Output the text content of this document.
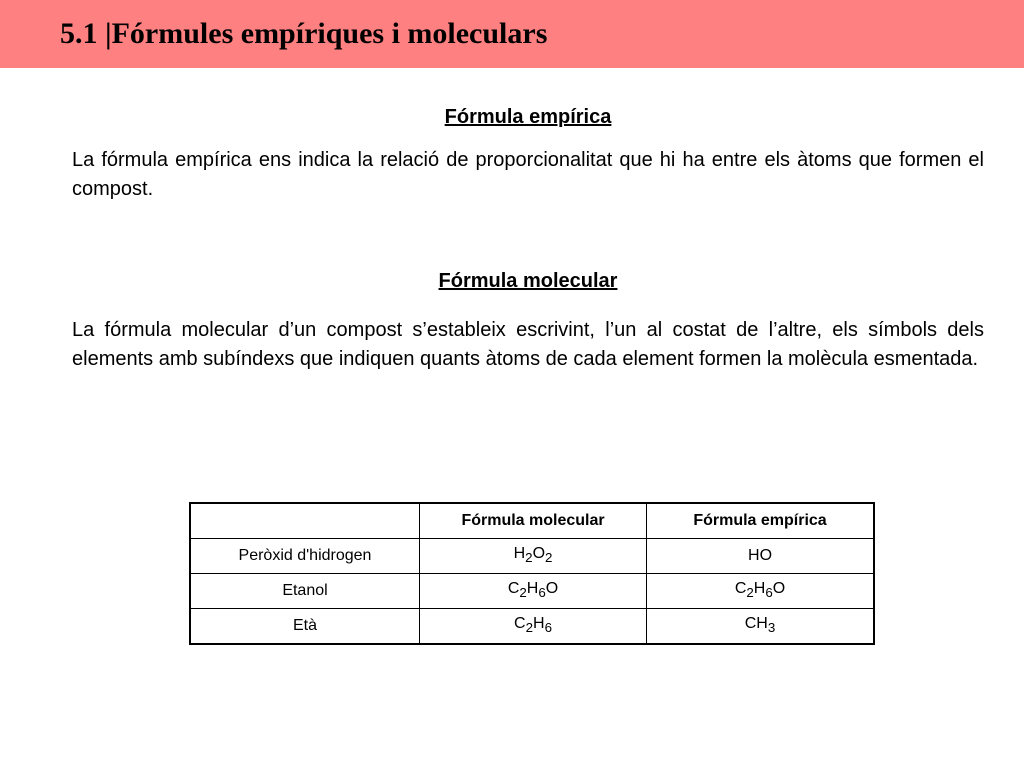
5.1 |Fórmules empíriques i moleculars
Fórmula empírica

La fórmula empírica ens indica la relació de proporcionalitat que hi ha entre els àtoms que formen el compost.

Fórmula molecular

La fórmula molecular d’un compost s’estableix escrivint, l’un al costat de l’altre, els símbols dels elements amb subíndexs que indiquen quants àtoms de cada element formen la molècula esmentada.

	Fórmula molecular	Fórmula empírica
Peròxid d'hidrogen	$H_2O_2$	HO
Etanol	$C_2H_6O$	$C_2H_6O$
Età	$C_2H_6$	$CH_3$
